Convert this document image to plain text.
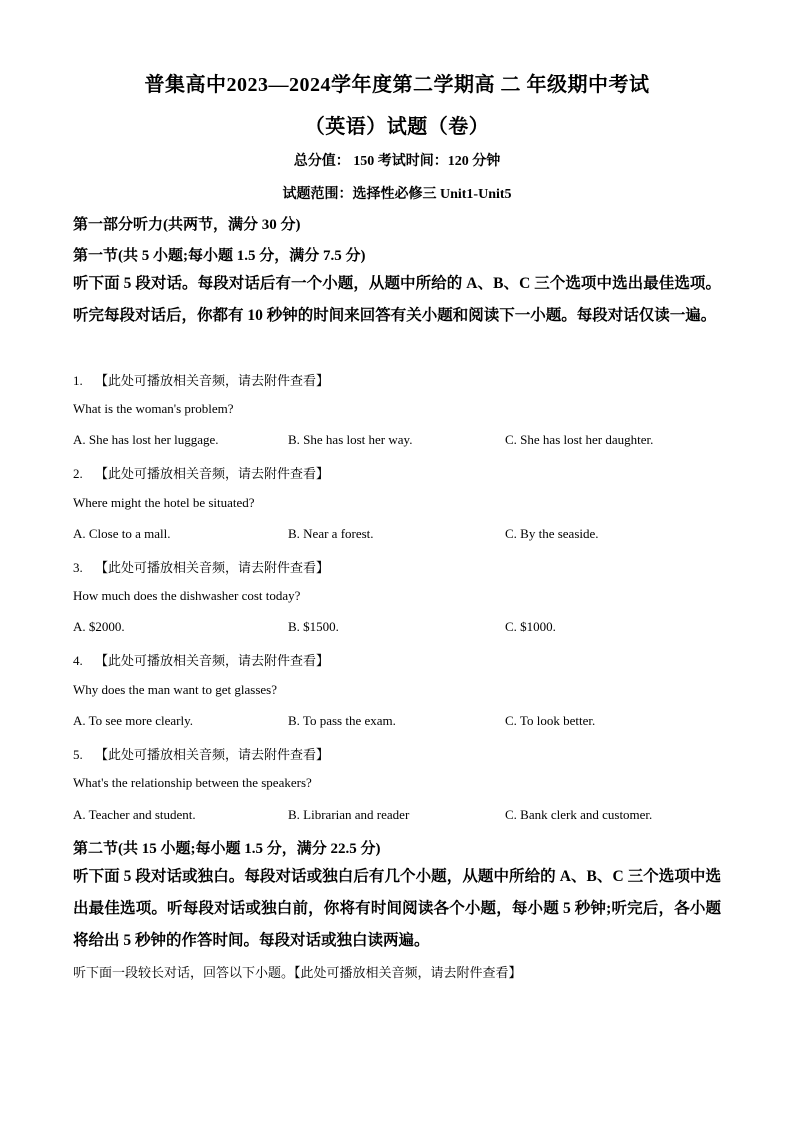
普集高中2023—2024学年度第二学期高 二 年级期中考试
（英语）试题（卷）
总分值： 150 考试时间：120 分钟
试题范围：选择性必修三 Unit1-Unit5
第一部分听力(共两节，满分 30 分)
第一节(共 5 小题;每小题 1.5 分，满分 7.5 分)
听下面 5 段对话。每段对话后有一个小题，从题中所给的 A、B、C 三个选项中选出最佳选项。听完每段对话后，你都有 10 秒钟的时间来回答有关小题和阅读下一小题。每段对话仅读一遍。
1. 【此处可播放相关音频，请去附件查看】
What is the woman's problem?
A. She has lost her luggage.	B. She has lost her way.	C. She has lost her daughter.
2. 【此处可播放相关音频，请去附件查看】
Where might the hotel be situated?
A. Close to a mall.	B. Near a forest.	C. By the seaside.
3. 【此处可播放相关音频，请去附件查看】
How much does the dishwasher cost today?
A. $2000.	B. $1500.	C. $1000.
4. 【此处可播放相关音频，请去附件查看】
Why does the man want to get glasses?
A. To see more clearly.	B. To pass the exam.	C. To look better.
5. 【此处可播放相关音频，请去附件查看】
What's the relationship between the speakers?
A. Teacher and student.	B. Librarian and reader	C. Bank clerk and customer.
第二节(共 15 小题;每小题 1.5 分，满分 22.5 分)
听下面 5 段对话或独白。每段对话或独白后有几个小题，从题中所给的 A、B、C 三个选项中选出最佳选项。听每段对话或独白前，你将有时间阅读各个小题，每小题 5 秒钟;听完后，各小题将给出 5 秒钟的作答时间。每段对话或独白读两遍。
听下面一段较长对话，回答以下小题。【此处可播放相关音频，请去附件查看】
